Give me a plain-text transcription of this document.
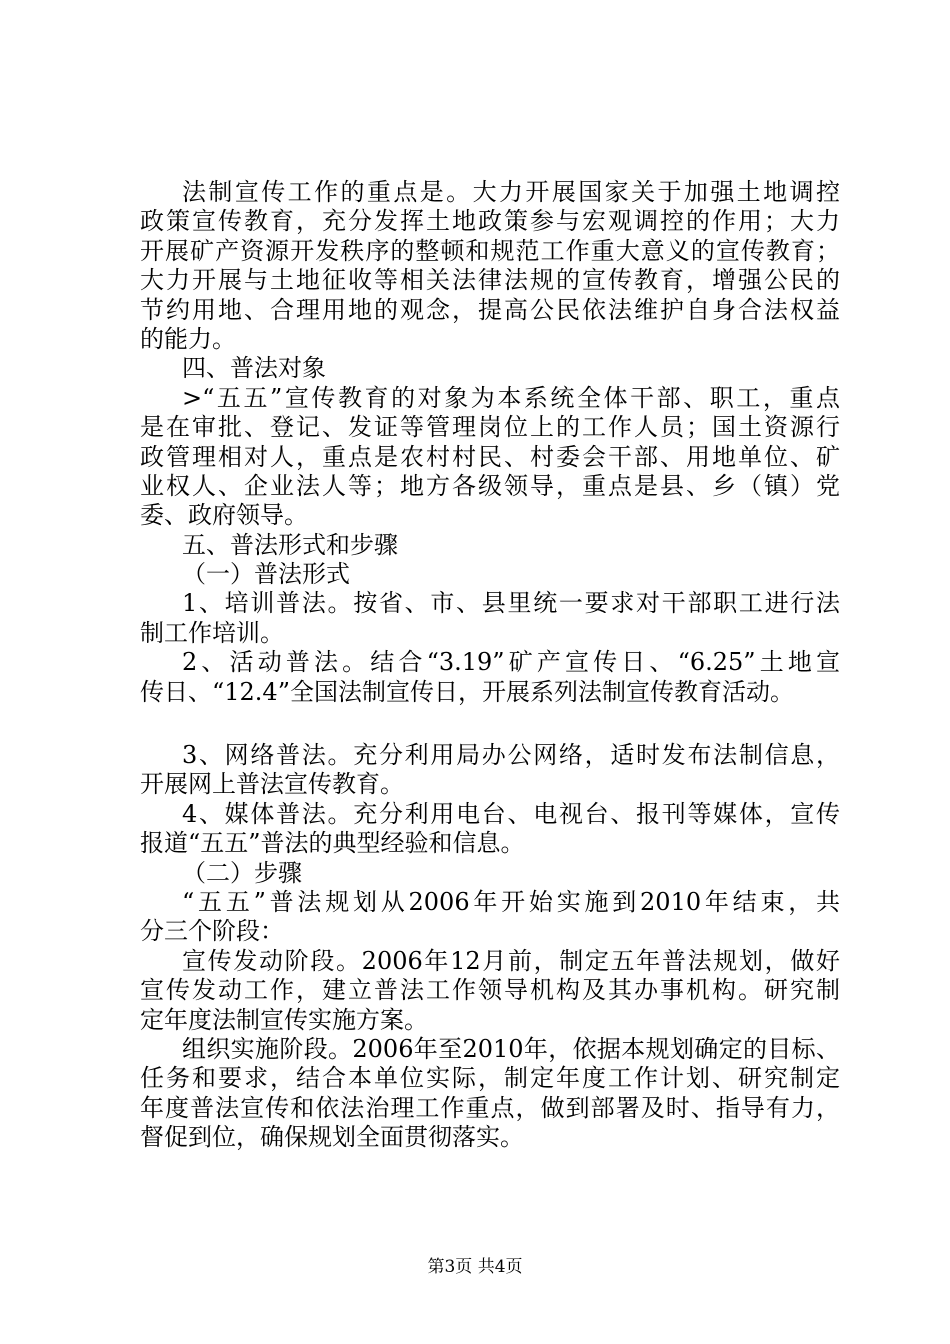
法制宣传工作的重点是。大力开展国家关于加强土地调控
政策宣传教育，充分发挥土地政策参与宏观调控的作用；大力
开展矿产资源开发秩序的整顿和规范工作重大意义的宣传教育；
大力开展与土地征收等相关法律法规的宣传教育，增强公民的
节约用地、合理用地的观念，提高公民依法维护自身合法权益
的能力。
四、普法对象
>“五五”宣传教育的对象为本系统全体干部、职工，重点
是在审批、登记、发证等管理岗位上的工作人员；国土资源行
政管理相对人，重点是农村村民、村委会干部、用地单位、矿
业权人、企业法人等；地方各级领导，重点是县、乡（镇）党
委、政府领导。
五、普法形式和步骤
（一）普法形式
1、培训普法。按省、市、县里统一要求对干部职工进行法
制工作培训。
2、活动普法。结合“3.19”矿产宣传日、“6.25”土地宣
传日、“12.4”全国法制宣传日，开展系列法制宣传教育活动。
3、网络普法。充分利用局办公网络，适时发布法制信息，
开展网上普法宣传教育。
4、媒体普法。充分利用电台、电视台、报刊等媒体，宣传
报道“五五”普法的典型经验和信息。
（二）步骤
“五五”普法规划从2006年开始实施到2010年结束，共
分三个阶段：
宣传发动阶段。2006年12月前，制定五年普法规划，做好
宣传发动工作，建立普法工作领导机构及其办事机构。研究制
定年度法制宣传实施方案。
组织实施阶段。2006年至2010年，依据本规划确定的目标、
任务和要求，结合本单位实际，制定年度工作计划、研究制定
年度普法宣传和依法治理工作重点，做到部署及时、指导有力，
督促到位，确保规划全面贯彻落实。
第3页 共4页
